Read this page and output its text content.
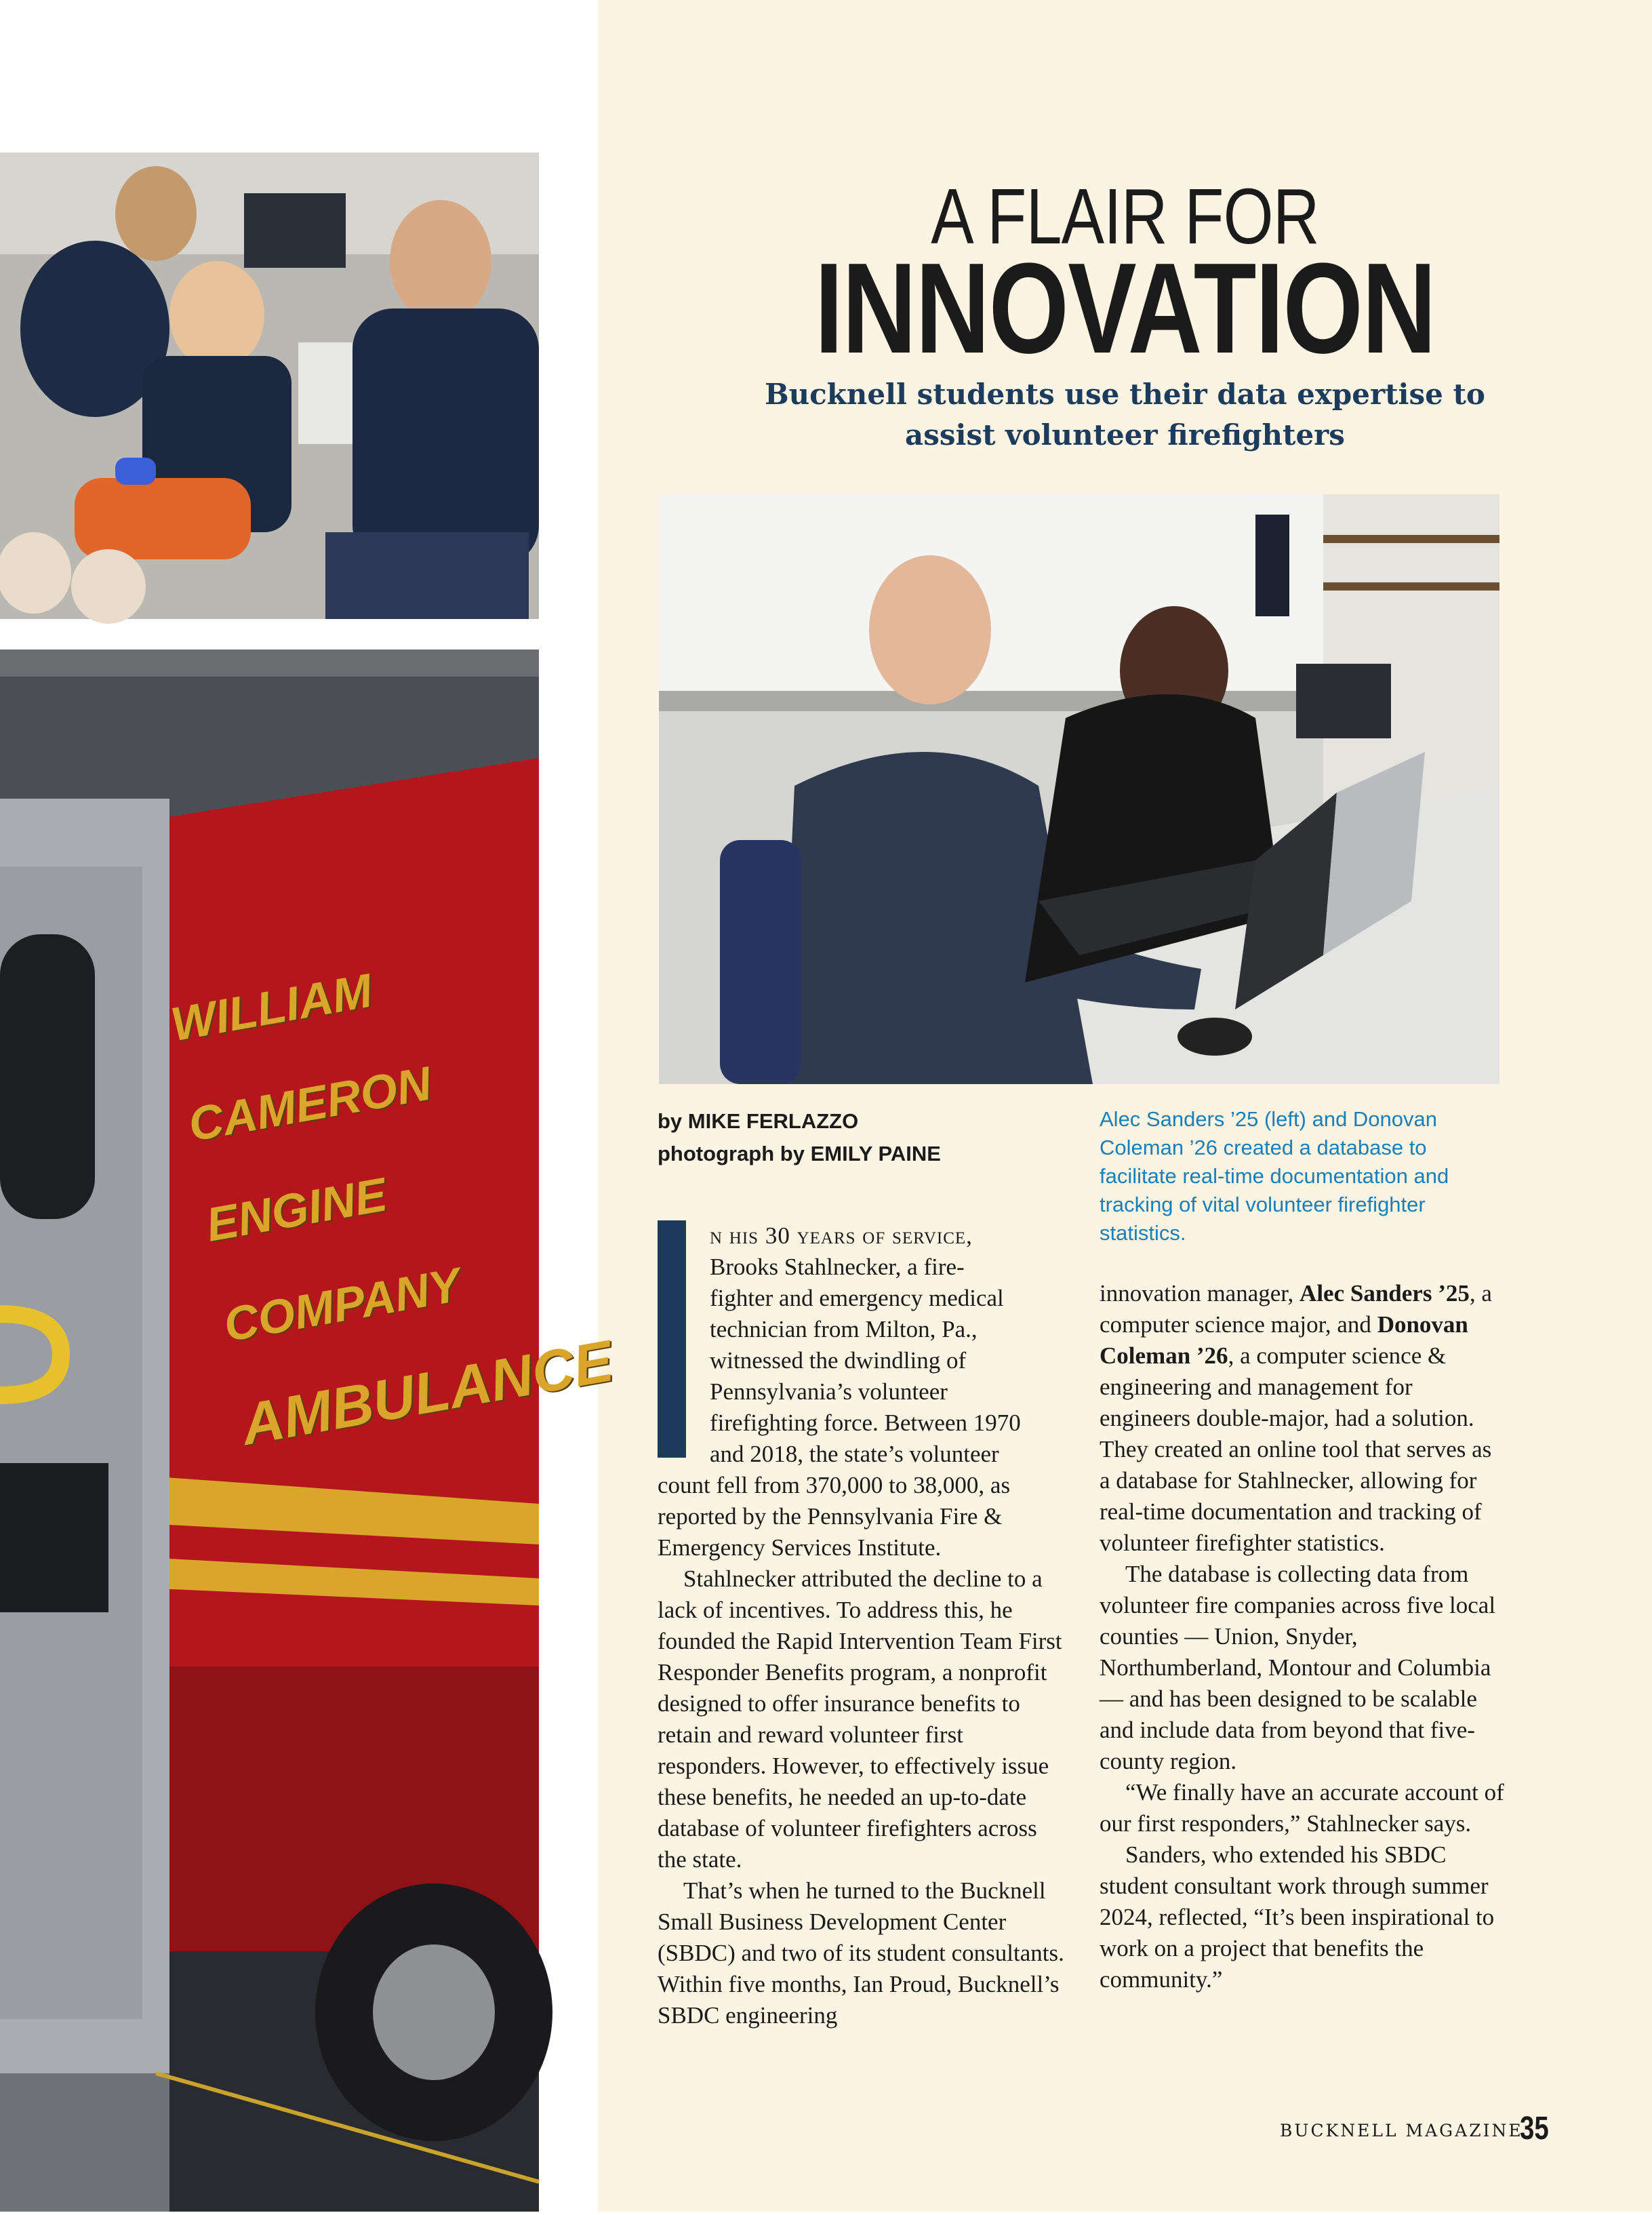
WILLIAM CAMERON
ENGINE COMPANY
AMBULANCE
A FLAIR FOR
INNOVATION
Bucknell students use their data expertise to
assist volunteer firefighters
by MIKE FERLAZZO
photograph by EMILY PAINE
Alec Sanders ’25 (left) and Donovan Coleman ’26 created a database to facilitate real-time documentation and tracking of vital volunteer firefighter statistics.
n his 30 years of service,
Brooks Stahlnecker, a fire-
fighter and emergency medical
technician from Milton, Pa.,
witnessed the dwindling of
Pennsylvania’s volunteer
firefighting force. Between 1970
and 2018, the state’s volunteer

count fell from 370,000 to 38,000, as reported by the Pennsylvania Fire & Emergency Services Institute.

Stahlnecker attributed the decline to a lack of incentives. To address this, he founded the Rapid Intervention Team First Responder Benefits program, a nonprofit designed to offer insurance benefits to retain and reward volunteer first responders. However, to effectively issue these benefits, he needed an up-to-date database of volunteer firefighters across the state.

That’s when he turned to the Bucknell Small Business Development Center (SBDC) and two of its student consultants. Within five months, Ian Proud, Bucknell’s SBDC engineering

innovation manager, Alec Sanders ’25, a computer science major, and Donovan Coleman ’26, a computer science & engineering and management for engineers double-major, had a solution. They created an online tool that serves as a database for Stahlnecker, allowing for real-time documentation and tracking of volunteer firefighter statistics.

The database is collecting data from volunteer fire companies across five local counties — Union, Snyder, Northumberland, Montour and Columbia — and has been designed to be scalable and include data from beyond that five-county region.

“We finally have an accurate account of our first responders,” Stahlnecker says.

Sanders, who extended his SBDC student consultant work through summer 2024, reflected, “It’s been inspirational to work on a project that benefits the community.”

BUCKNELL MAGAZINE
35
